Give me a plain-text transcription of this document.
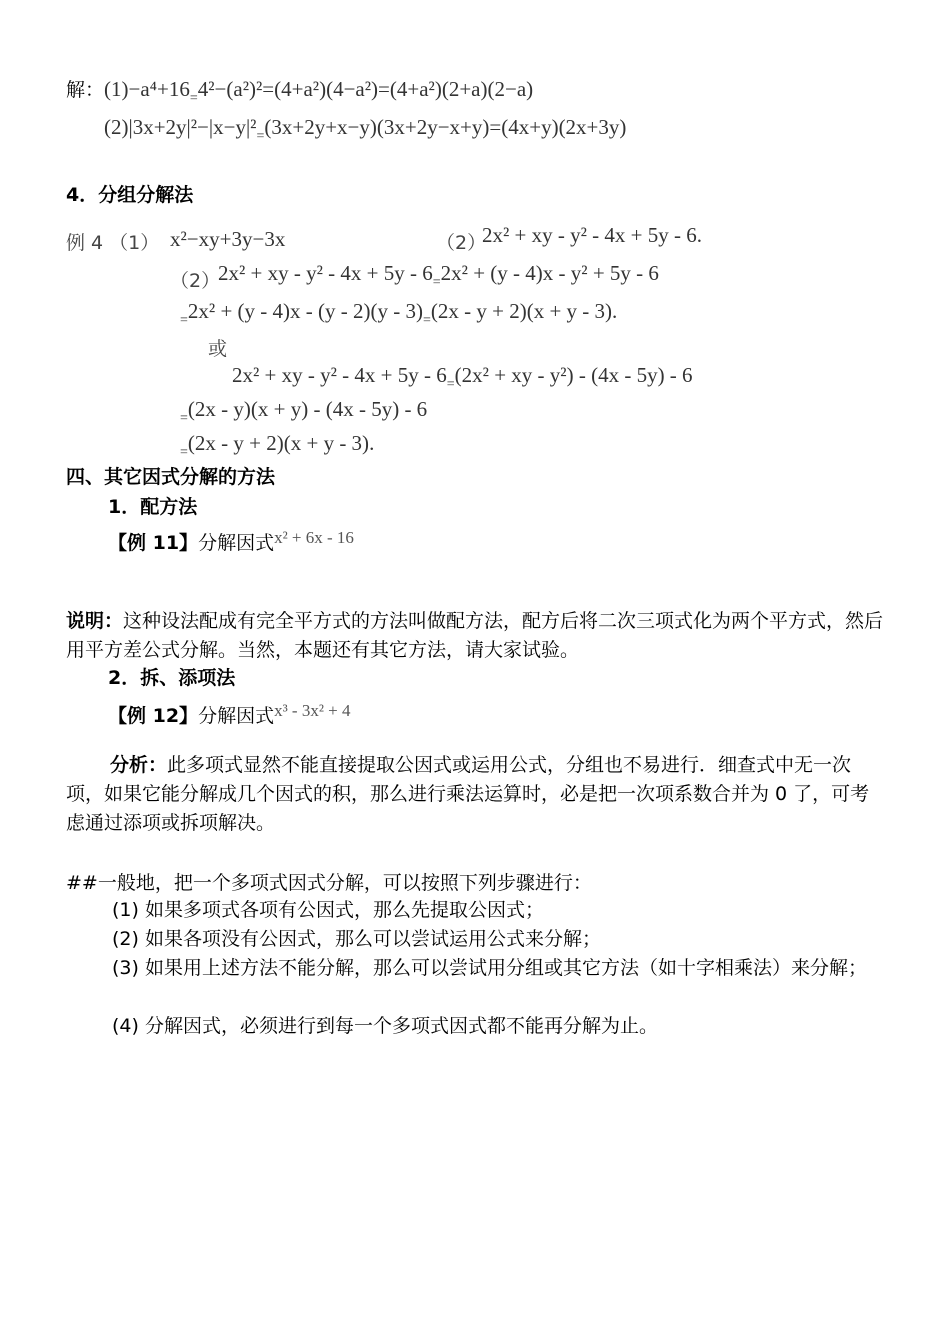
解：$(1)-a^4+16_=4^2-(a^2)^2=(4+a^2)(4-a^2)=(4+a^2)(2+a)(2-a)$
$(2)|3x+2y|^2-|x-y|^2_=(3x+2y+x-y)(3x+2y-x+y)=(4x+y)(2x+3y)$
4．分组分解法
例 4 （1） x²−xy+3y−3x	（2）
2x² + xy - y² - 4x + 5y - 6.
（2）
2x² + xy - $y^2 - 4x + 5y - 6_=2x^2 + (y - 4)x - y^2 + 5y - 6$
$_=2x^2 + (y - 4)x - (y - 2)(y - 3)_=(2x - y + 2)(x + y - 3)$.
或
2x² + xy - $y^2 - 4x + 5y - 6_=(2x^2$ + xy - y²) - (4x - 5y) - 6
$_=$(2x - y)(x + y) - (4x - 5y) - 6
$_=$(2x - y + 2)(x + y - 3).
四、其它因式分解的方法
1．配方法
【例 11】分解因式x² + 6x - 16
说明：这种设法配成有完全平方式的方法叫做配方法，配方后将二次三项式化为两个平方式，然后用平方差公式分解。当然，本题还有其它方法，请大家试验。
2．拆、添项法
【例 12】分解因式x³ - 3x² + 4
分析：此多项式显然不能直接提取公因式或运用公式，分组也不易进行．细查式中无一次项，如果它能分解成几个因式的积，那么进行乘法运算时，必是把一次项系数合并为 0 了，可考虑通过添项或拆项解决。
##一般地，把一个多项式因式分解，可以按照下列步骤进行：
(1) 如果多项式各项有公因式，那么先提取公因式；
(2) 如果各项没有公因式，那么可以尝试运用公式来分解；
(3) 如果用上述方法不能分解，那么可以尝试用分组或其它方法（如十字相乘法）来分解；
(4) 分解因式，必须进行到每一个多项式因式都不能再分解为止。
